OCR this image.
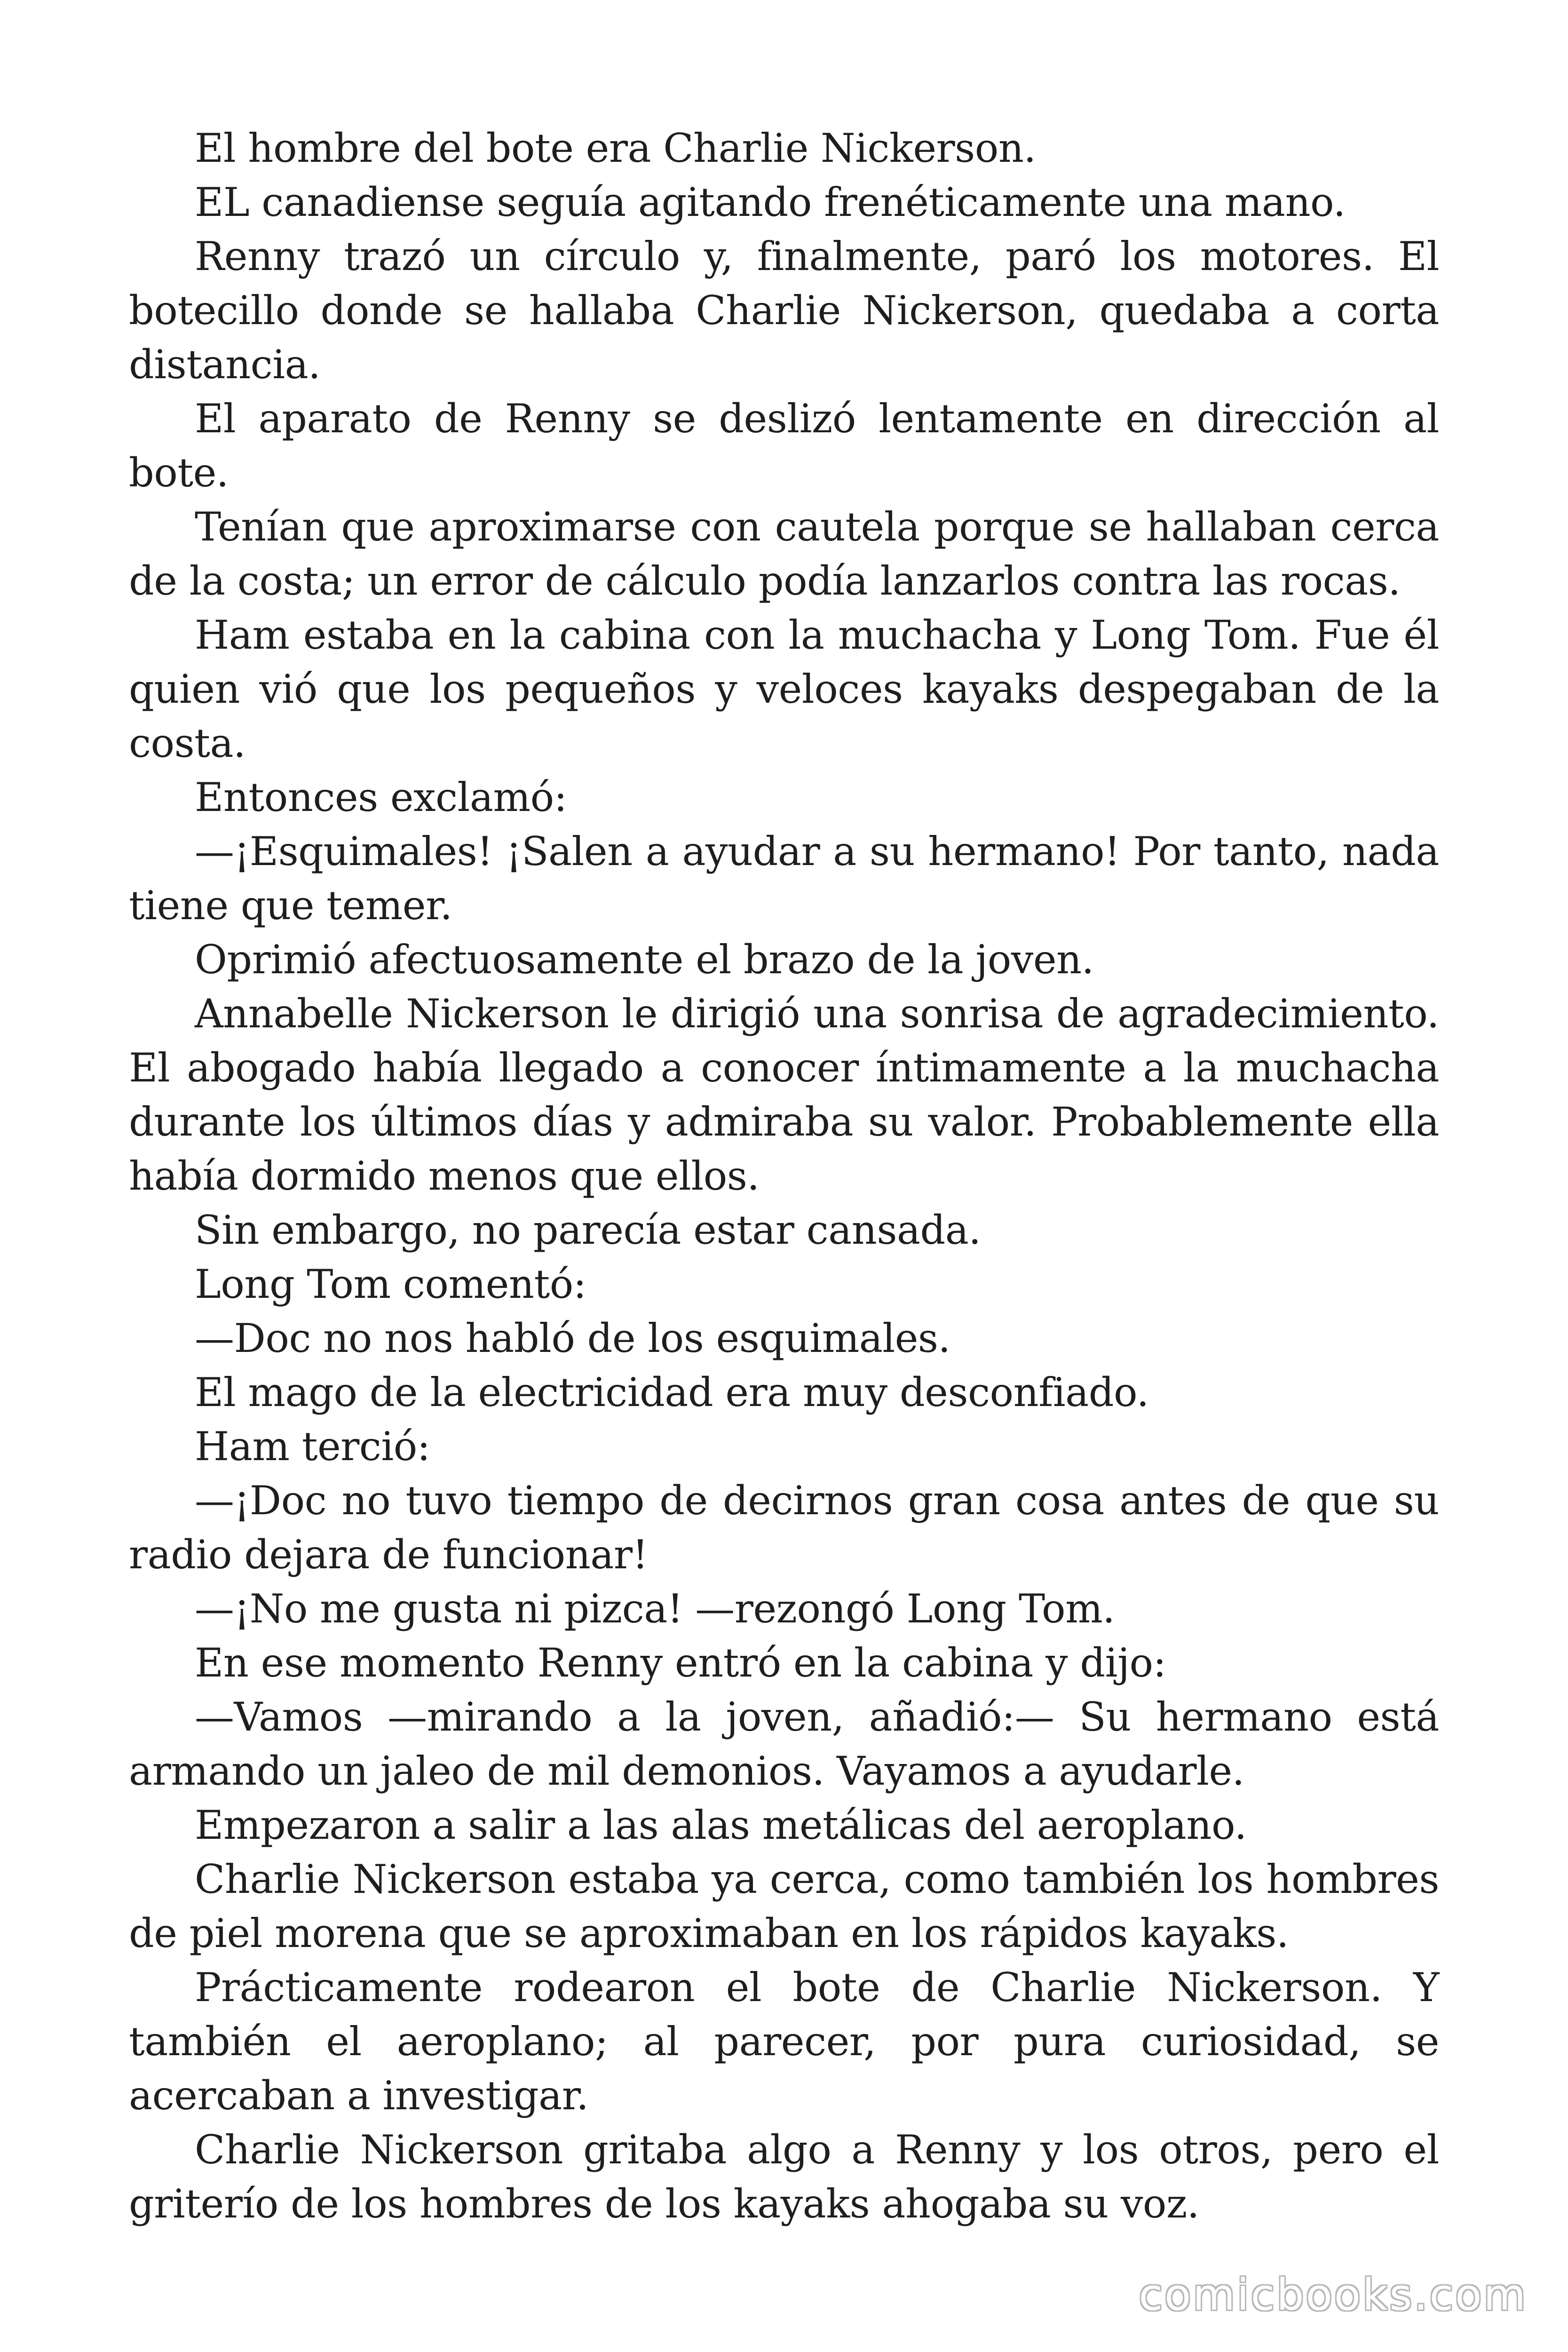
El hombre del bote era Charlie Nickerson.

EL canadiense seguía agitando frenéticamente una mano.

Renny trazó un círculo y, finalmente, paró los motores. El botecillo donde se hallaba Charlie Nickerson, quedaba a corta distancia.

El aparato de Renny se deslizó lentamente en dirección al bote.

Tenían que aproximarse con cautela porque se hallaban cerca de la costa; un error de cálculo podía lanzarlos contra las rocas.

Ham estaba en la cabina con la muchacha y Long Tom. Fue él quien vió que los pequeños y veloces kayaks despegaban de la costa.

Entonces exclamó:

—¡Esquimales! ¡Salen a ayudar a su hermano! Por tanto, nada tiene que temer.

Oprimió afectuosamente el brazo de la joven.

Annabelle Nickerson le dirigió una sonrisa de agradecimiento. El abogado había llegado a conocer íntimamente a la muchacha durante los últimos días y admiraba su valor. Probablemente ella había dormido menos que ellos.

Sin embargo, no parecía estar cansada.

Long Tom comentó:

—Doc no nos habló de los esquimales.

El mago de la electricidad era muy desconfiado.

Ham terció:

—¡Doc no tuvo tiempo de decirnos gran cosa antes de que su radio dejara de funcionar!

—¡No me gusta ni pizca! —rezongó Long Tom.

En ese momento Renny entró en la cabina y dijo:

—Vamos —mirando a la joven, añadió:— Su hermano está armando un jaleo de mil demonios. Vayamos a ayudarle.

Empezaron a salir a las alas metálicas del aeroplano.

Charlie Nickerson estaba ya cerca, como también los hombres de piel morena que se aproximaban en los rápidos kayaks.

Prácticamente rodearon el bote de Charlie Nickerson. Y también el aeroplano; al parecer, por pura curiosidad, se acercaban a investigar.

Charlie Nickerson gritaba algo a Renny y los otros, pero el griterío de los hombres de los kayaks ahogaba su voz.

comicbooks.com
